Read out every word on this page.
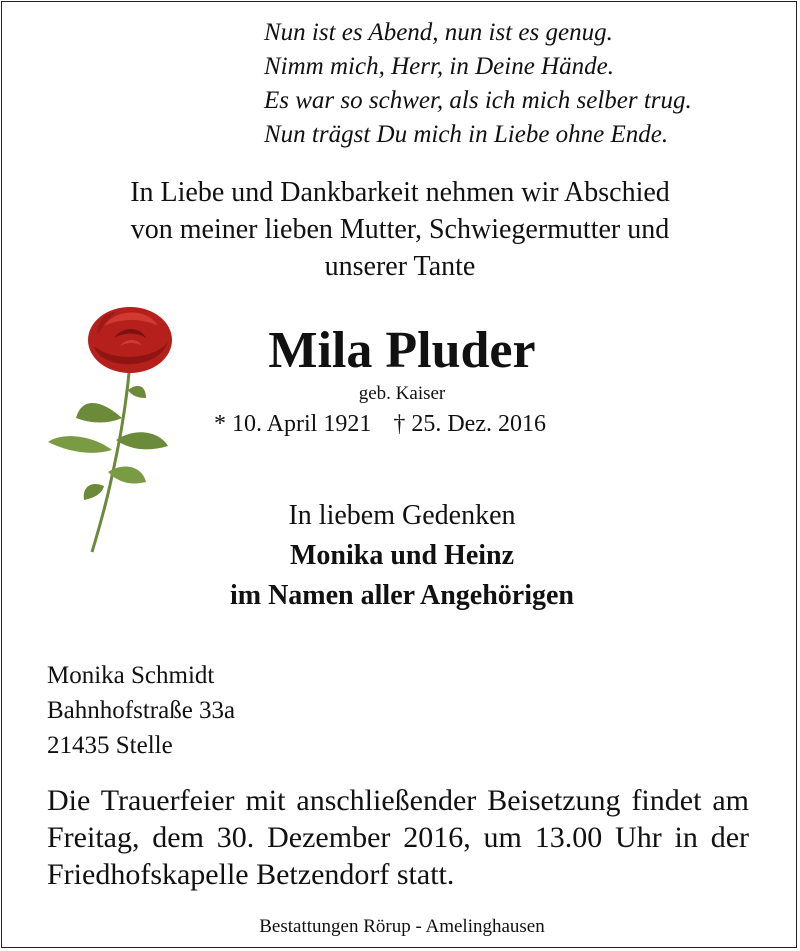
Nun ist es Abend, nun ist es genug.
Nimm mich, Herr, in Deine Hände.
Es war so schwer, als ich mich selber trug.
Nun trägst Du mich in Liebe ohne Ende.
In Liebe und Dankbarkeit nehmen wir Abschied
von meiner lieben Mutter, Schwiegermutter und
unserer Tante
Mila Pluder
geb. Kaiser
* 10. April 1921 † 25. Dez. 2016
In liebem Gedenken
Monika und Heinz
im Namen aller Angehörigen
Monika Schmidt
Bahnhofstraße 33a
21435 Stelle
Die Trauerfeier mit anschließender Beisetzung findet am Freitag, dem 30. Dezember 2016, um 13.00 Uhr in der Friedhofskapelle Betzendorf statt.
Bestattungen Rörup - Amelinghausen
